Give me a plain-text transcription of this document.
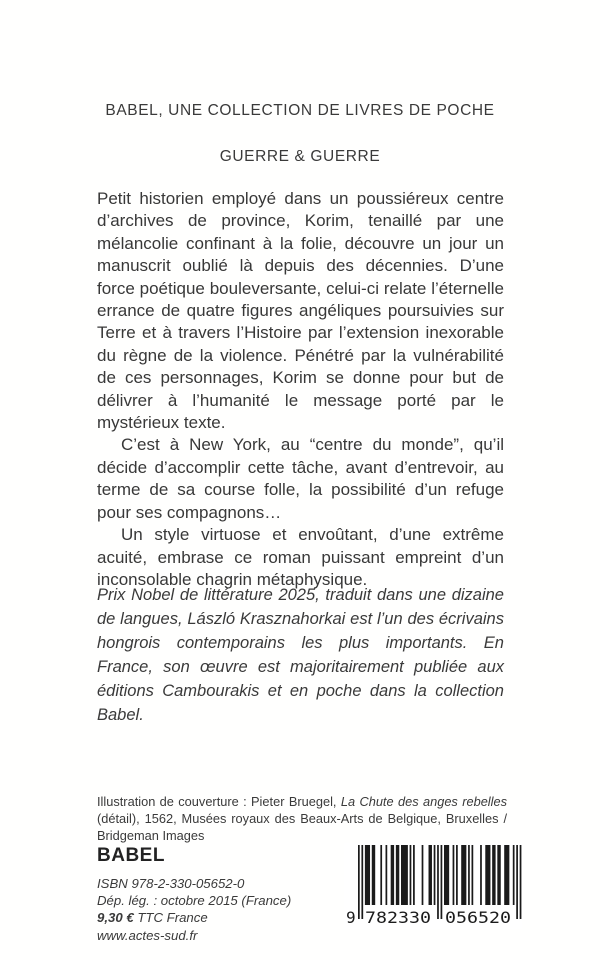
BABEL, UNE COLLECTION DE LIVRES DE POCHE
GUERRE & GUERRE

Petit historien employé dans un poussiéreux centre d’archives de province, Korim, tenaillé par une mélancolie confinant à la folie, découvre un jour un manuscrit oublié là depuis des décennies. D’une force poétique bouleversante, celui-ci relate l’éternelle errance de quatre figures angéliques poursuivies sur Terre et à travers l’Histoire par l’extension inexorable du règne de la violence. Pénétré par la vulnérabilité de ces personnages, Korim se donne pour but de délivrer à l’humanité le message porté par le mystérieux texte.

C’est à New York, au “centre du monde”, qu’il décide d’accomplir cette tâche, avant d’entrevoir, au terme de sa course folle, la possibilité d’un refuge pour ses compagnons…

Un style virtuose et envoûtant, d’une extrême acuité, embrase ce roman puissant empreint d’un inconsolable chagrin métaphysique.

Prix Nobel de littérature 2025, traduit dans une dizaine de langues, László Krasznahorkai est l’un des écrivains hongrois contemporains les plus importants. En France, son œuvre est majoritairement publiée aux éditions Cambourakis et en poche dans la collection Babel.

Illustration de couverture : Pieter Bruegel, La Chute des anges rebelles (détail), 1562, Musées royaux des Beaux-Arts de Belgique, Bruxelles / Bridgeman Images

BABEL
ISBN 978-2-330-05652-0
Dép. lég. : octobre 2015 (France)
9,30 € TTC France
www.actes-sud.fr
9 782330 056520
